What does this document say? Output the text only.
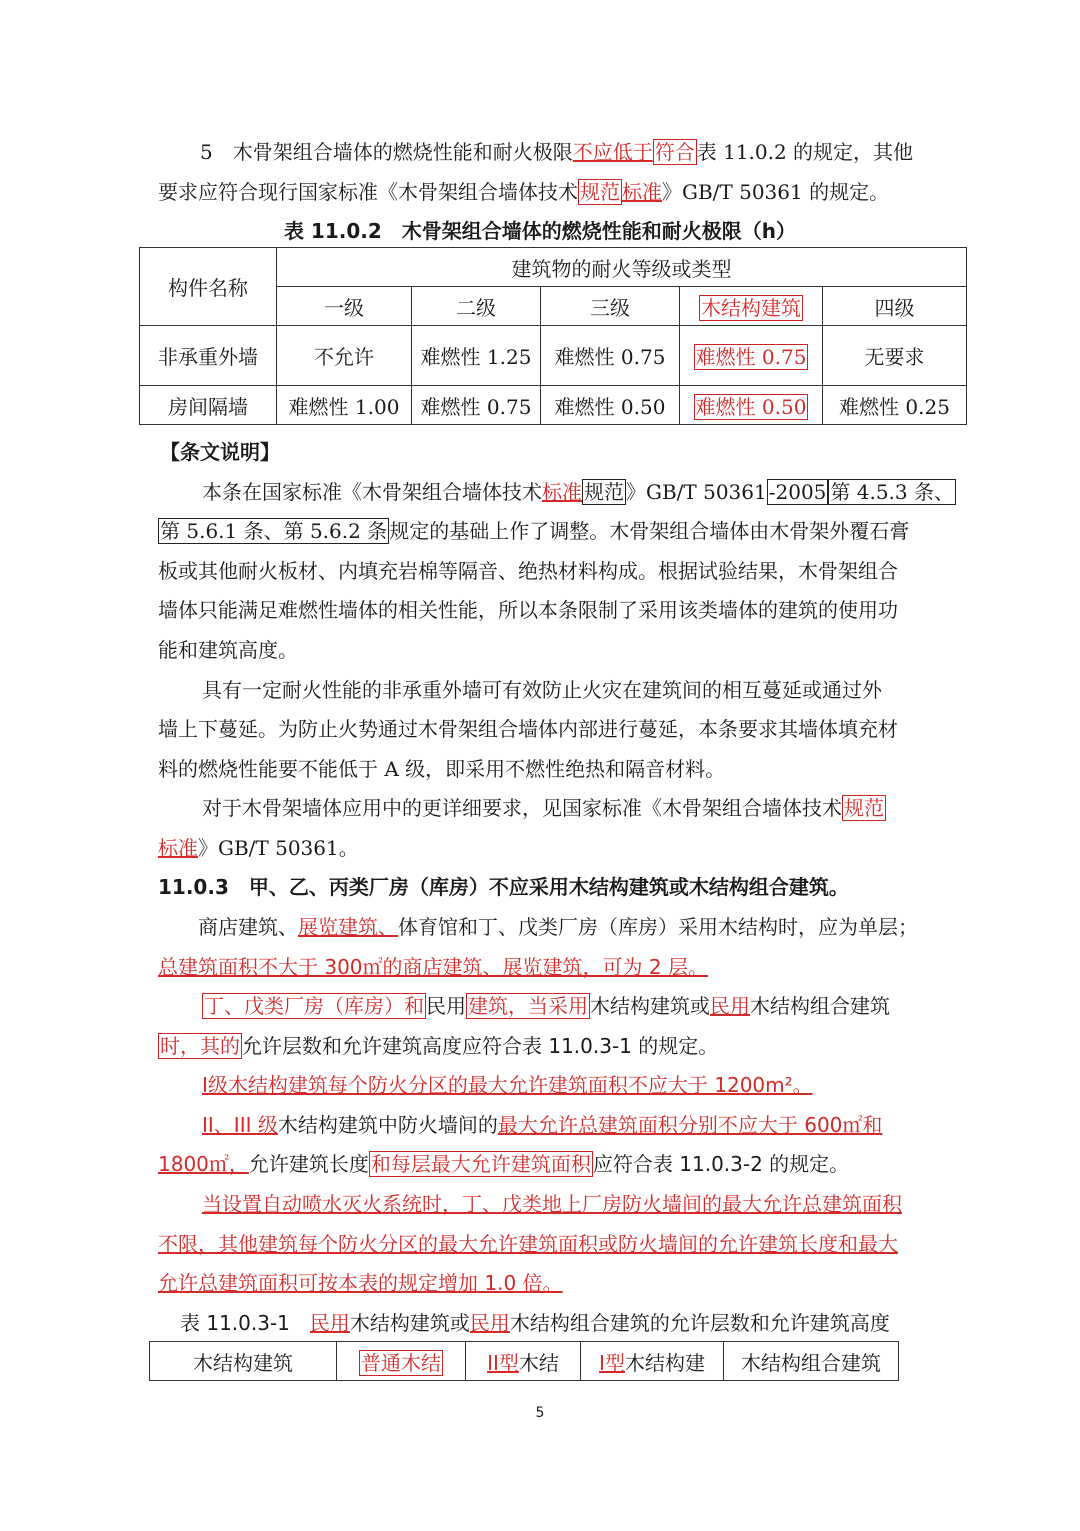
5　木骨架组合墙体的燃烧性能和耐火极限不应低于 符合 表 11.0.2 的规定，其他
要求应符合现行国家标准《木骨架组合墙体技术 规范 标准》GB/T 50361 的规定。
表 11.0.2　木骨架组合墙体的燃烧性能和耐火极限（h）
构件名称	建筑物的耐火等级或类型				
	一级	二级	三级	木结构建筑	四级
非承重外墙	不允许	难燃性 1.25	难燃性 0.75	难燃性 0.75	无要求
房间隔墙	难燃性 1.00	难燃性 0.75	难燃性 0.50	难燃性 0.50	难燃性 0.25
【条文说明】
本条在国家标准《木骨架组合墙体技术标准 规范 》GB/T 50361 -2005 第 4.5.3 条、
第 5.6.1 条、第 5.6.2 条 规定的基础上作了调整。木骨架组合墙体由木骨架外覆石膏
板或其他耐火板材、内填充岩棉等隔音、绝热材料构成。根据试验结果，木骨架组合
墙体只能满足难燃性墙体的相关性能，所以本条限制了采用该类墙体的建筑的使用功
能和建筑高度。
具有一定耐火性能的非承重外墙可有效防止火灾在建筑间的相互蔓延或通过外
墙上下蔓延。为防止火势通过木骨架组合墙体内部进行蔓延，本条要求其墙体填充材
料的燃烧性能要不能低于 A 级，即采用不燃性绝热和隔音材料。
对于木骨架墙体应用中的更详细要求，见国家标准《木骨架组合墙体技术 规范
标准》GB/T 50361。
11.0.3　甲、乙、丙类厂房（库房）不应采用木结构建筑或木结构组合建筑。
商店建筑、展览建筑、体育馆和丁、戊类厂房（库房）采用木结构时，应为单层；
总建筑面积不大于 300㎡的商店建筑、展览建筑，可为 2 层。
丁、戊类厂房（库房）和 民用 建筑，当采用 木结构建筑或民用木结构组合建筑
时，其的 允许层数和允许建筑高度应符合表 11.0.3-1 的规定。
I级木结构建筑每个防火分区的最大允许建筑面积不应大于 1200m²。
II、III 级木结构建筑中防火墙间的最大允许总建筑面积分别不应大于 600㎡和
1800㎡，允许建筑长度 和每层最大允许建筑面积 应符合表 11.0.3-2 的规定。
当设置自动喷水灭火系统时，丁、戊类地上厂房防火墙间的最大允许总建筑面积
不限，其他建筑每个防火分区的最大允许建筑面积或防火墙间的允许建筑长度和最大
允许总建筑面积可按本表的规定增加 1.0 倍。
表 11.0.3-1　民用木结构建筑或民用木结构组合建筑的允许层数和允许建筑高度
木结构建筑	普通木结	II型木结	I型木结构建	木结构组合建筑
5
